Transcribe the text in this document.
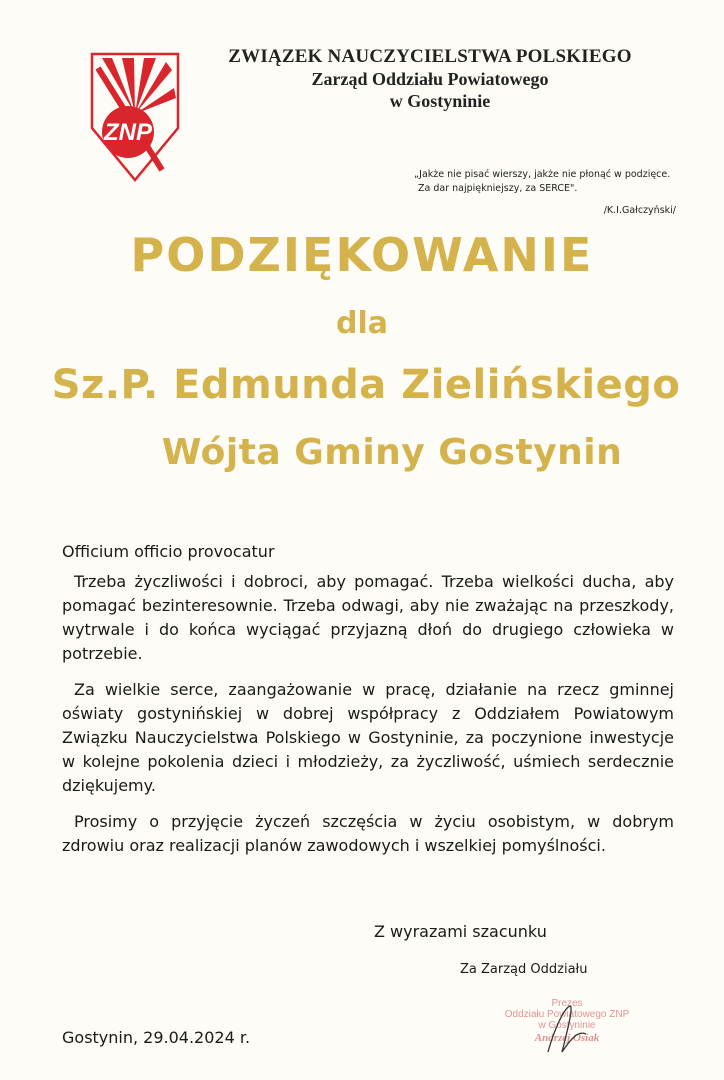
ZNP
ZWIĄZEK NAUCZYCIELSTWA POLSKIEGO
Zarząd Oddziału Powiatowego
w Gostyninie
„Jakże nie pisać wierszy, jakże nie płonąć w podzięce.
Za dar najpiękniejszy, za SERCE".
/K.I.Gałczyński/
PODZIĘKOWANIE
dla
Sz.P. Edmunda Zielińskiego
Wójta Gminy Gostynin
Officium officio provocatur

Trzeba życzliwości i dobroci, aby pomagać. Trzeba wielkości ducha, aby pomagać bezinteresownie. Trzeba odwagi, aby nie zważając na przeszkody, wytrwale i do końca wyciągać przyjazną dłoń do drugiego człowieka w potrzebie.

Za wielkie serce, zaangażowanie w pracę, działanie na rzecz gminnej oświaty gostynińskiej w dobrej współpracy z Oddziałem Powiatowym Związku Nauczycielstwa Polskiego w Gostyninie, za poczynione inwestycje w kolejne pokolenia dzieci i młodzieży, za życzliwość, uśmiech serdecznie dziękujemy.

Prosimy o przyjęcie życzeń szczęścia w życiu osobistym, w dobrym zdrowiu oraz realizacji planów zawodowych i wszelkiej pomyślności.

Z wyrazami szacunku
Za Zarząd Oddziału
Prezes
Oddziału Powiatowego ZNP
w Gostyninie
Andrzej Osiak
Gostynin, 29.04.2024 r.
